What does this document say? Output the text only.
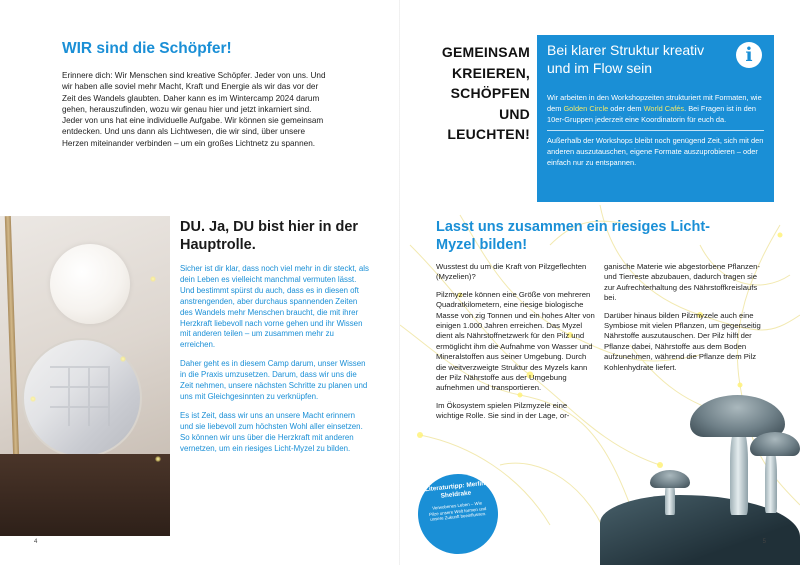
WIR sind die Schöpfer!

Erinnere dich: Wir Menschen sind kreative Schöpfer. Jeder von uns. Und wir haben alle soviel mehr Macht, Kraft und Energie als wir das vor der Zeit des Wandels glaubten. Daher kann es im Wintercamp 2024 darum gehen, herauszufinden, wozu wir genau hier und jetzt inkarniert sind. Jeder von uns hat eine individuelle Aufgabe. Wir können sie gemeinsam entdecken. Und uns dann als Lichtwesen, die wir sind, über unsere Herzen miteinander verbinden – um ein großes Lichtnetz zu spannen.

DU. Ja, DU bist hier in der Hauptrolle.

Sicher ist dir klar, dass noch viel mehr in dir steckt, als dein Leben es vielleicht manchmal vermuten lässt. Und bestimmt spürst du auch, dass es in diesen oft anstrengenden, aber durchaus spannenden Zeiten des Wandels mehr Menschen braucht, die mit ihrer Herzkraft liebevoll nach vorne gehen und ihr Wissen mit anderen teilen – um zusammen mehr zu erreichen.

Daher geht es in diesem Camp darum, unser Wissen in die Praxis umzusetzen. Darum, dass wir uns die Zeit nehmen, unsere nächsten Schritte zu planen und uns mit Gleichgesinnten zu verknüpfen.

Es ist Zeit, dass wir uns an unsere Macht erinnern und sie liebevoll zum höchsten Wohl aller einsetzen. So können wir uns über die Herzkraft mit anderen vernetzen, um ein riesiges Licht-Myzel zu bilden.

4
GEMEINSAM KREIEREN, SCHÖPFEN UND LEUCHTEN!
Bei klarer Struktur kreativ und im Flow sein
i

Wir arbeiten in den Workshopzeiten strukturiert mit Formaten, wie dem Golden Circle oder dem World Cafés. Bei Fragen ist in den 10er-Gruppen jederzeit eine Koordinatorin für euch da.

Außerhalb der Workshops bleibt noch genügend Zeit, sich mit den anderen auszutauschen, eigene Formate auszuprobieren – oder einfach nur zu entspannen.

Lasst uns zusammen ein riesiges Licht-Myzel bilden!

Wusstest du um die Kraft von Pilzgeflechten (Myzelien)?

Pilzmyzele können eine Größe von mehreren Quadratkilometern, eine riesige biologische Masse von zig Tonnen und ein hohes Alter von einigen 1.000 Jahren erreichen. Das Myzel dient als Nährstoffnetzwerk für den Pilz und ermöglicht ihm die Aufnahme von Wasser und Mineralstoffen aus seiner Umgebung. Durch die weitverzweigte Struktur des Myzels kann der Pilz Nährstoffe aus der Umgebung aufnehmen und transportieren.

Im Ökosystem spielen Pilzmyzele eine wichtige Rolle. Sie sind in der Lage, or-

ganische Materie wie abgestorbene Pflanzen- und Tierreste abzubauen, dadurch tragen sie zur Aufrechterhaltung des Nährstoffkreislaufs bei.

Darüber hinaus bilden Pilzmyzele auch eine Symbiose mit vielen Pflanzen, um gegenseitig Nährstoffe auszutauschen. Der Pilz hilft der Pflanze dabei, Nährstoffe aus dem Boden aufzunehmen, während die Pflanze dem Pilz Kohlenhydrate liefert.

Literaturtipp: Merlin Sheldrake
Verwobenes Leben – Wie Pilze unsere Welt formen und unsere Zukunft beeinflussen.
5
